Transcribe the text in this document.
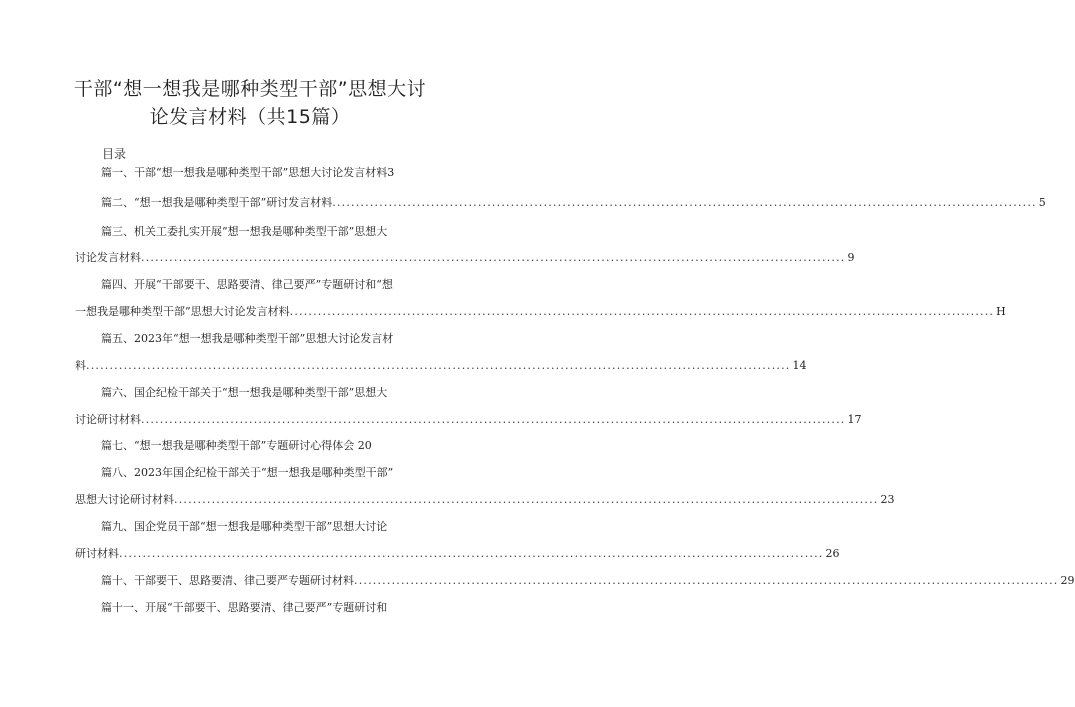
干部“想一想我是哪种类型干部”思想大讨
论发言材料（共15篇）
目录
篇一、干部“想一想我是哪种类型干部”思想大讨论发言材料3
篇二、“想一想我是哪种类型干部”研讨发言材料 ...................................................................................................................................................... 5
篇三、机关工委扎实开展“想一想我是哪种类型干部”思想大
讨论发言材料 ...................................................................................................................................................... 9
篇四、开展“干部要干、思路要清、律己要严”专题研讨和“想
一想我是哪种类型干部”思想大讨论发言材料 ...................................................................................................................................................... H
篇五、2023年“想一想我是哪种类型干部”思想大讨论发言材
料 ...................................................................................................................................................... 14
篇六、国企纪检干部关于“想一想我是哪种类型干部”思想大
讨论研讨材料 ...................................................................................................................................................... 17
篇七、“想一想我是哪种类型干部”专题研讨心得体会 20
篇八、2023年国企纪检干部关于“想一想我是哪种类型干部”
思想大讨论研讨材料 ...................................................................................................................................................... 23
篇九、国企党员干部“想一想我是哪种类型干部”思想大讨论
研讨材料 ...................................................................................................................................................... 26
篇十、干部要干、思路要清、律己要严专题研讨材料 ...................................................................................................................................................... 29
篇十一、开展“干部要干、思路要清、律己要严”专题研讨和
